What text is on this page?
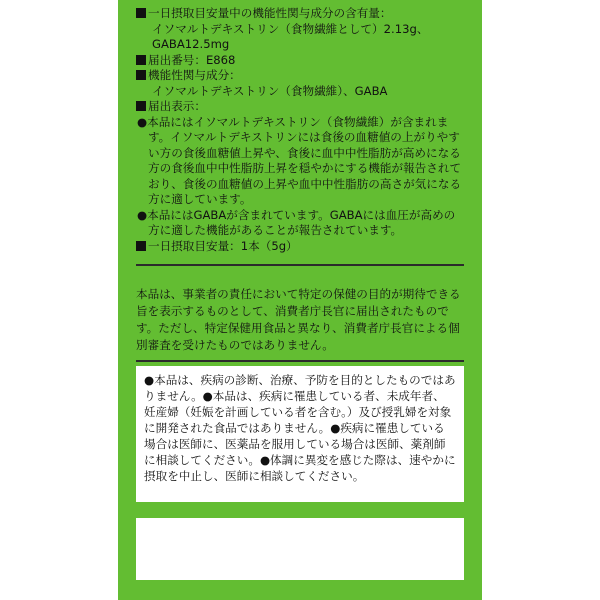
一日摂取目安量中の機能性関与成分の含有量：
イソマルトデキストリン（食物繊維として）2.13g、
GABA12.5mg
届出番号：E868
機能性関与成分：
イソマルトデキストリン（食物繊維）、GABA
届出表示：
●本品にはイソマルトデキストリン（食物繊維）が含まれます。イソマルトデキストリンには食後の血糖値の上がりやすい方の食後血糖値上昇や、食後に血中中性脂肪が高めになる方の食後血中中性脂肪上昇を穏やかにする機能が報告されており、食後の血糖値の上昇や血中中性脂肪の高さが気になる方に適しています。
●本品にはGABAが含まれています。GABAには血圧が高めの方に適した機能があることが報告されています。
一日摂取目安量：1本（5g）
本品は、事業者の責任において特定の保健の目的が期待できる旨を表示するものとして、消費者庁長官に届出されたものです。ただし、特定保健用食品と異なり、消費者庁長官による個別審査を受けたものではありません。
●本品は、疾病の診断、治療、予防を目的としたものではありません。●本品は、疾病に罹患している者、未成年者、妊産婦（妊娠を計画している者を含む。）及び授乳婦を対象に開発された食品ではありません。●疾病に罹患している場合は医師に、医薬品を服用している場合は医師、薬剤師に相談してください。●体調に異変を感じた際は、速やかに摂取を中止し、医師に相談してください。
